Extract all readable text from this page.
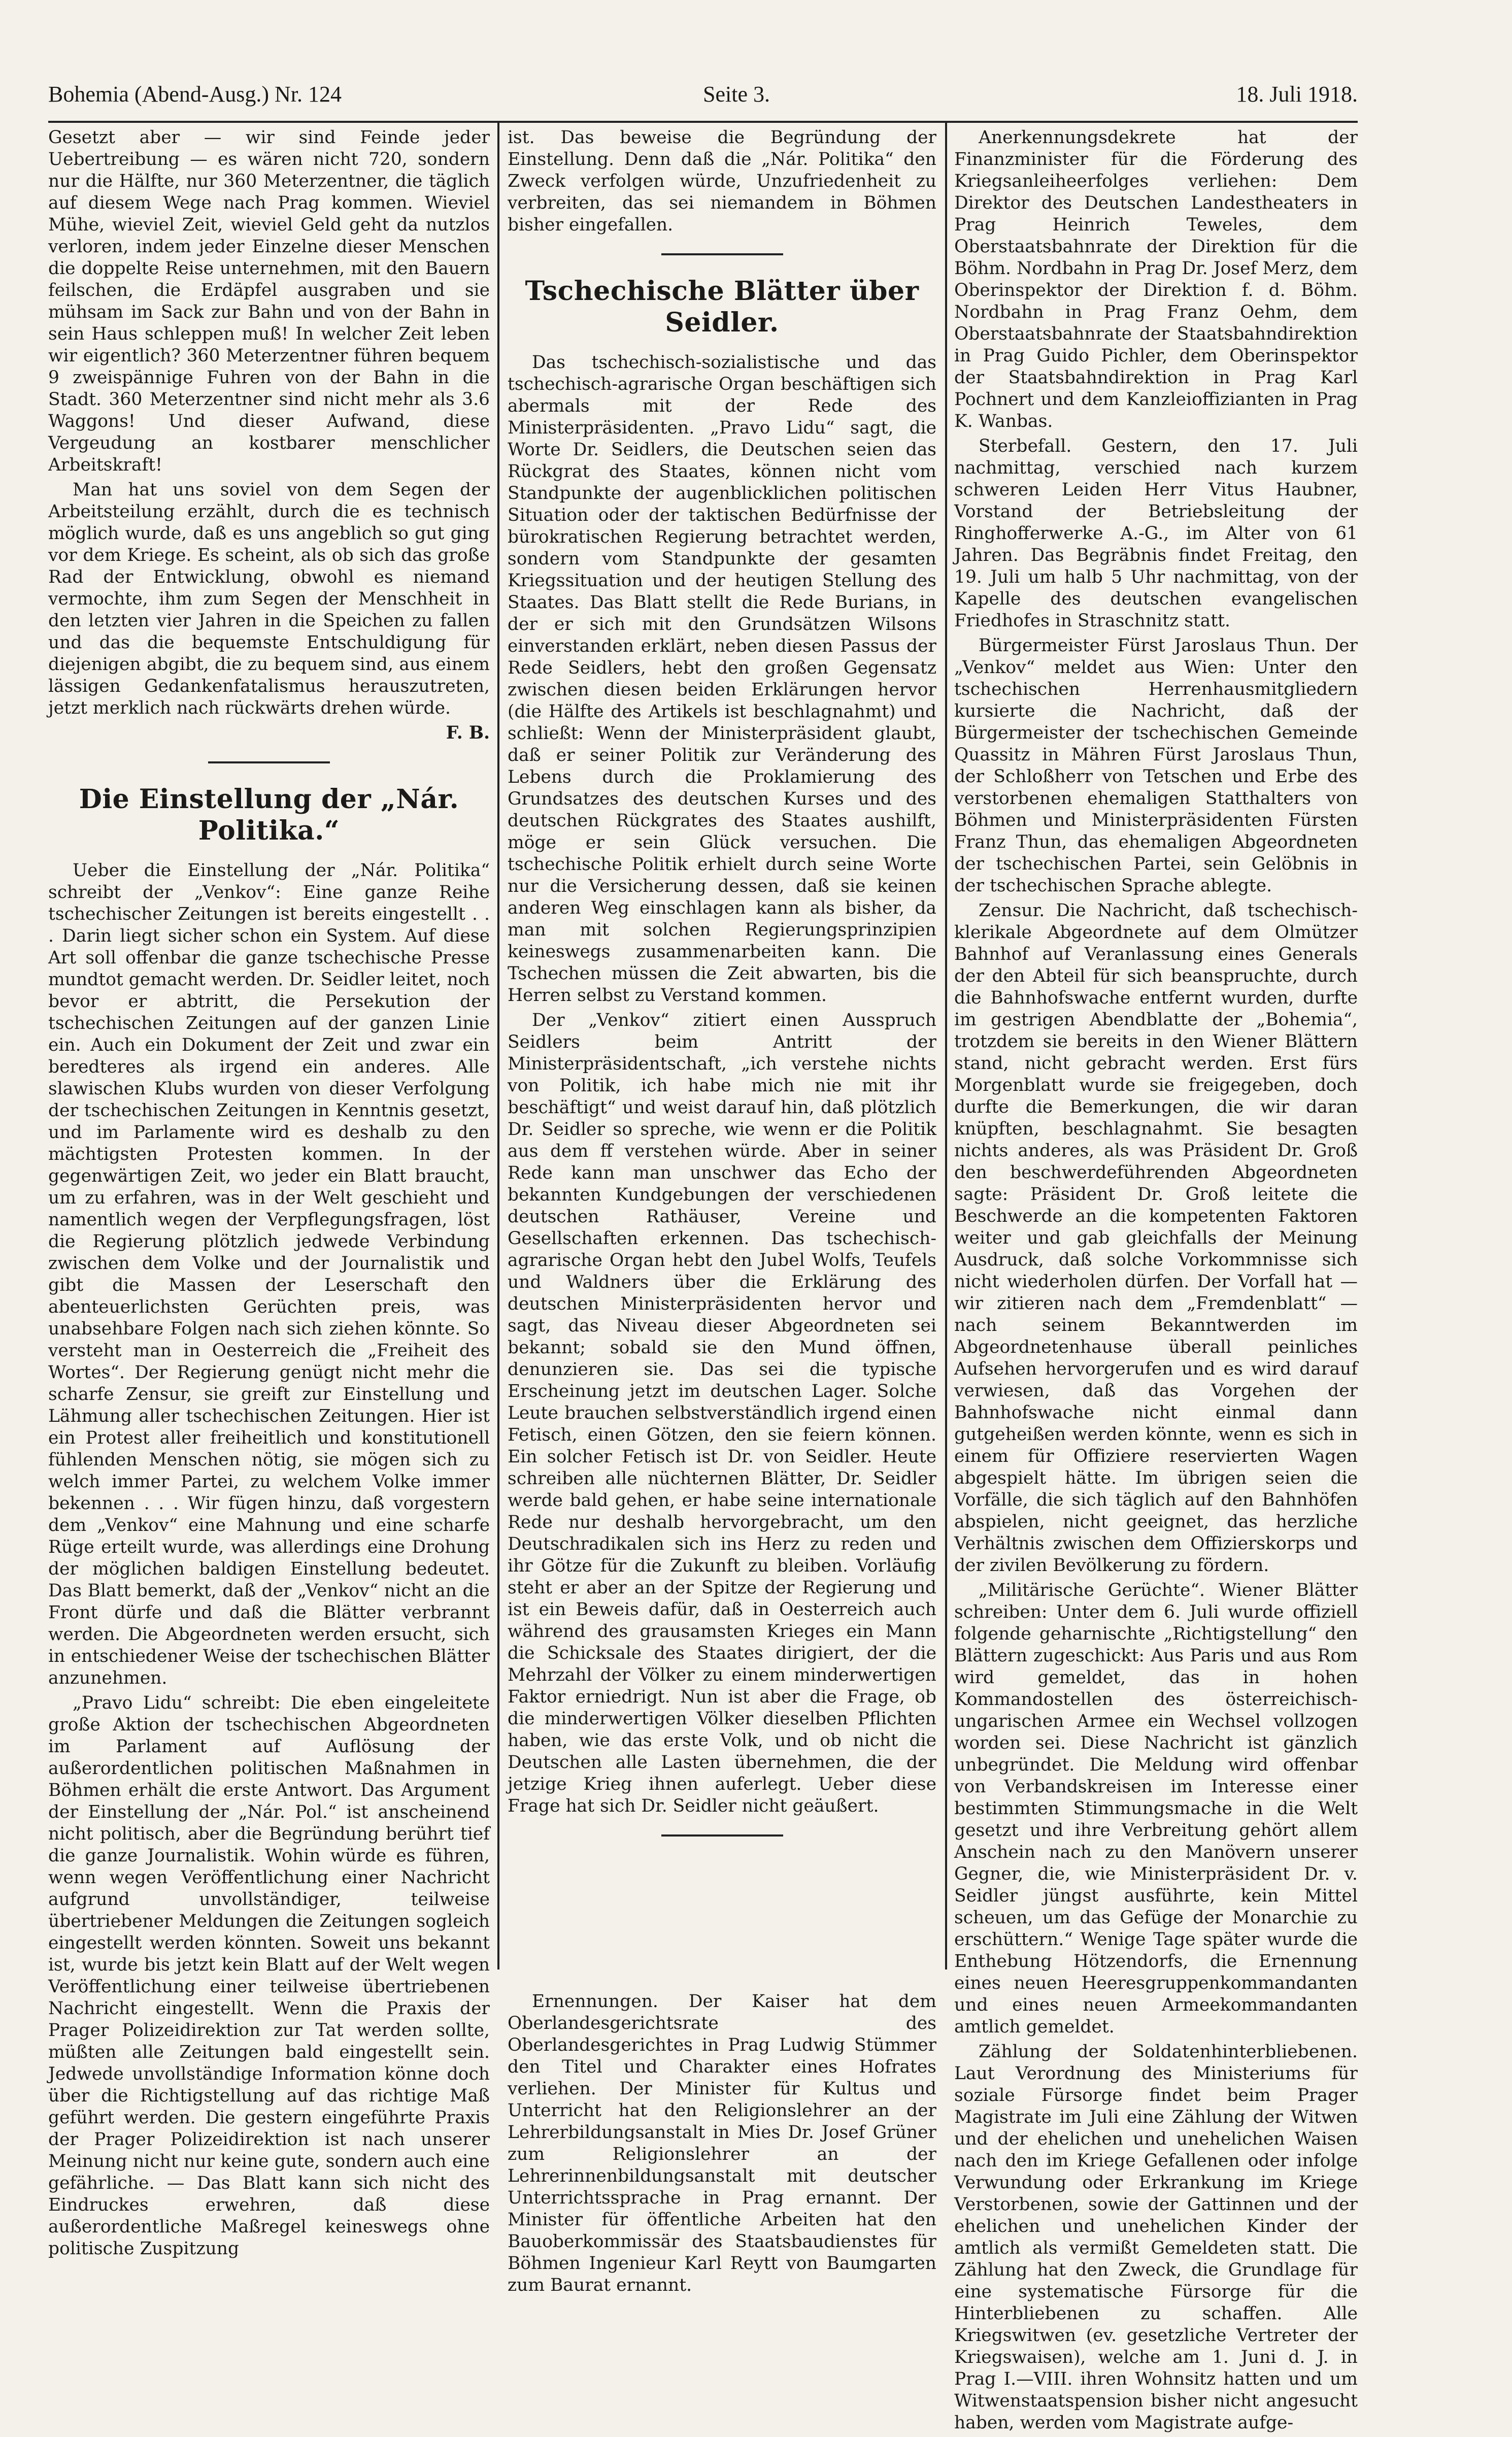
Bohemia (Abend-Ausg.) Nr. 124	Seite 3.	18. Juli 1918.

Gesetzt aber — wir sind Feinde jeder Uebertreibung — es wären nicht 720, sondern nur die Hälfte, nur 360 Meterzentner, die täglich auf diesem Wege nach Prag kommen. Wieviel Mühe, wieviel Zeit, wieviel Geld geht da nutzlos verloren, indem jeder Einzelne dieser Menschen die doppelte Reise unternehmen, mit den Bauern feilschen, die Erdäpfel ausgraben und sie mühsam im Sack zur Bahn und von der Bahn in sein Haus schleppen muß! In welcher Zeit leben wir eigentlich? 360 Meterzentner führen bequem 9 zweispännige Fuhren von der Bahn in die Stadt. 360 Meterzentner sind nicht mehr als 3.6 Waggons! Und dieser Aufwand, diese Vergeudung an kostbarer menschlicher Arbeitskraft!

Man hat uns soviel von dem Segen der Arbeitsteilung erzählt, durch die es technisch möglich wurde, daß es uns angeblich so gut ging vor dem Kriege. Es scheint, als ob sich das große Rad der Entwicklung, obwohl es niemand vermochte, ihm zum Segen der Menschheit in den letzten vier Jahren in die Speichen zu fallen und das die bequemste Entschuldigung für diejenigen abgibt, die zu bequem sind, aus einem lässigen Gedankenfatalismus herauszutreten, jetzt merklich nach rückwärts drehen würde.

F. B.
Die Einstellung der „Nár. Politika.“

Ueber die Einstellung der „Nár. Politika“ schreibt der „Venkov“: Eine ganze Reihe tschechischer Zeitungen ist bereits eingestellt . . . Darin liegt sicher schon ein System. Auf diese Art soll offenbar die ganze tschechische Presse mundtot gemacht werden. Dr. Seidler leitet, noch bevor er abtritt, die Persekution der tschechischen Zeitungen auf der ganzen Linie ein. Auch ein Dokument der Zeit und zwar ein beredteres als irgend ein anderes. Alle slawischen Klubs wurden von dieser Verfolgung der tschechischen Zeitungen in Kenntnis gesetzt, und im Parlamente wird es deshalb zu den mächtigsten Protesten kommen. In der gegenwärtigen Zeit, wo jeder ein Blatt braucht, um zu erfahren, was in der Welt geschieht und namentlich wegen der Verpflegungsfragen, löst die Regierung plötzlich jedwede Verbindung zwischen dem Volke und der Journalistik und gibt die Massen der Leserschaft den abenteuerlichsten Gerüchten preis, was unabsehbare Folgen nach sich ziehen könnte. So versteht man in Oesterreich die „Freiheit des Wortes“. Der Regierung genügt nicht mehr die scharfe Zensur, sie greift zur Einstellung und Lähmung aller tschechischen Zeitungen. Hier ist ein Protest aller freiheitlich und konstitutionell fühlenden Menschen nötig, sie mögen sich zu welch immer Partei, zu welchem Volke immer bekennen . . . Wir fügen hinzu, daß vorgestern dem „Venkov“ eine Mahnung und eine scharfe Rüge erteilt wurde, was allerdings eine Drohung der möglichen baldigen Einstellung bedeutet. Das Blatt bemerkt, daß der „Venkov“ nicht an die Front dürfe und daß die Blätter verbrannt werden. Die Abgeordneten werden ersucht, sich in entschiedener Weise der tschechischen Blätter anzunehmen.

„Pravo Lidu“ schreibt: Die eben eingeleitete große Aktion der tschechischen Abgeordneten im Parlament auf Auflösung der außerordentlichen politischen Maßnahmen in Böhmen erhält die erste Antwort. Das Argument der Einstellung der „Nár. Pol.“ ist anscheinend nicht politisch, aber die Begründung berührt tief die ganze Journalistik. Wohin würde es führen, wenn wegen Veröffentlichung einer Nachricht aufgrund unvollständiger, teilweise übertriebener Meldungen die Zeitungen sogleich eingestellt werden könnten. Soweit uns bekannt ist, wurde bis jetzt kein Blatt auf der Welt wegen Veröffentlichung einer teilweise übertriebenen Nachricht eingestellt. Wenn die Praxis der Prager Polizeidirektion zur Tat werden sollte, müßten alle Zeitungen bald eingestellt sein. Jedwede unvollständige Information könne doch über die Richtigstellung auf das richtige Maß geführt werden. Die gestern eingeführte Praxis der Prager Polizeidirektion ist nach unserer Meinung nicht nur keine gute, sondern auch eine gefährliche. — Das Blatt kann sich nicht des Eindruckes erwehren, daß diese außerordentliche Maßregel keineswegs ohne politische Zuspitzung

ist. Das beweise die Begründung der Einstellung. Denn daß die „Nár. Politika“ den Zweck verfolgen würde, Unzufriedenheit zu verbreiten, das sei niemandem in Böhmen bisher eingefallen.

Tschechische Blätter über Seidler.

Das tschechisch-sozialistische und das tschechisch-agrarische Organ beschäftigen sich abermals mit der Rede des Ministerpräsidenten. „Pravo Lidu“ sagt, die Worte Dr. Seidlers, die Deutschen seien das Rückgrat des Staates, können nicht vom Standpunkte der augenblicklichen politischen Situation oder der taktischen Bedürfnisse der bürokratischen Regierung betrachtet werden, sondern vom Standpunkte der gesamten Kriegssituation und der heutigen Stellung des Staates. Das Blatt stellt die Rede Burians, in der er sich mit den Grundsätzen Wilsons einverstanden erklärt, neben diesen Passus der Rede Seidlers, hebt den großen Gegensatz zwischen diesen beiden Erklärungen hervor (die Hälfte des Artikels ist beschlagnahmt) und schließt: Wenn der Ministerpräsident glaubt, daß er seiner Politik zur Veränderung des Lebens durch die Proklamierung des Grundsatzes des deutschen Kurses und des deutschen Rückgrates des Staates aushilft, möge er sein Glück versuchen. Die tschechische Politik erhielt durch seine Worte nur die Versicherung dessen, daß sie keinen anderen Weg einschlagen kann als bisher, da man mit solchen Regierungsprinzipien keineswegs zusammenarbeiten kann. Die Tschechen müssen die Zeit abwarten, bis die Herren selbst zu Verstand kommen.

Der „Venkov“ zitiert einen Ausspruch Seidlers beim Antritt der Ministerpräsidentschaft, „ich verstehe nichts von Politik, ich habe mich nie mit ihr beschäftigt“ und weist darauf hin, daß plötzlich Dr. Seidler so spreche, wie wenn er die Politik aus dem ff verstehen würde. Aber in seiner Rede kann man unschwer das Echo der bekannten Kundgebungen der verschiedenen deutschen Rathäuser, Vereine und Gesellschaften erkennen. Das tschechisch-agrarische Organ hebt den Jubel Wolfs, Teufels und Waldners über die Erklärung des deutschen Ministerpräsidenten hervor und sagt, das Niveau dieser Abgeordneten sei bekannt; sobald sie den Mund öffnen, denunzieren sie. Das sei die typische Erscheinung jetzt im deutschen Lager. Solche Leute brauchen selbstverständlich irgend einen Fetisch, einen Götzen, den sie feiern können. Ein solcher Fetisch ist Dr. von Seidler. Heute schreiben alle nüchternen Blätter, Dr. Seidler werde bald gehen, er habe seine internationale Rede nur deshalb hervorgebracht, um den Deutschradikalen sich ins Herz zu reden und ihr Götze für die Zukunft zu bleiben. Vorläufig steht er aber an der Spitze der Regierung und ist ein Beweis dafür, daß in Oesterreich auch während des grausamsten Krieges ein Mann die Schicksale des Staates dirigiert, der die Mehrzahl der Völker zu einem minderwertigen Faktor erniedrigt. Nun ist aber die Frage, ob die minderwertigen Völker dieselben Pflichten haben, wie das erste Volk, und ob nicht die Deutschen alle Lasten übernehmen, die der jetzige Krieg ihnen auferlegt. Ueber diese Frage hat sich Dr. Seidler nicht geäußert.

Ernennungen. Der Kaiser hat dem Oberlandesgerichtsrate des Oberlandesgerichtes in Prag Ludwig Stümmer den Titel und Charakter eines Hofrates verliehen. Der Minister für Kultus und Unterricht hat den Religionslehrer an der Lehrerbildungsanstalt in Mies Dr. Josef Grüner zum Religionslehrer an der Lehrerinnenbildungsanstalt mit deutscher Unterrichtssprache in Prag ernannt. Der Minister für öffentliche Arbeiten hat den Bauoberkommissär des Staatsbaudienstes für Böhmen Ingenieur Karl Reytt von Baumgarten zum Baurat ernannt.

Anerkennungsdekrete hat der Finanzminister für die Förderung des Kriegsanleiheerfolges verliehen: Dem Direktor des Deutschen Landestheaters in Prag Heinrich Teweles, dem Oberstaatsbahnrate der Direktion für die Böhm. Nordbahn in Prag Dr. Josef Merz, dem Oberinspektor der Direktion f. d. Böhm. Nordbahn in Prag Franz Oehm, dem Oberstaatsbahnrate der Staatsbahndirektion in Prag Guido Pichler, dem Oberinspektor der Staatsbahndirektion in Prag Karl Pochnert und dem Kanzleioffizianten in Prag K. Wanbas.

Sterbefall. Gestern, den 17. Juli nachmittag, verschied nach kurzem schweren Leiden Herr Vitus Haubner, Vorstand der Betriebsleitung der Ringhofferwerke A.-G., im Alter von 61 Jahren. Das Begräbnis findet Freitag, den 19. Juli um halb 5 Uhr nachmittag, von der Kapelle des deutschen evangelischen Friedhofes in Straschnitz statt.

Bürgermeister Fürst Jaroslaus Thun. Der „Venkov“ meldet aus Wien: Unter den tschechischen Herrenhausmitgliedern kursierte die Nachricht, daß der Bürgermeister der tschechischen Gemeinde Quassitz in Mähren Fürst Jaroslaus Thun, der Schloßherr von Tetschen und Erbe des verstorbenen ehemaligen Statthalters von Böhmen und Ministerpräsidenten Fürsten Franz Thun, das ehemaligen Abgeordneten der tschechischen Partei, sein Gelöbnis in der tschechischen Sprache ablegte.

Zensur. Die Nachricht, daß tschechisch-klerikale Abgeordnete auf dem Olmützer Bahnhof auf Veranlassung eines Generals der den Abteil für sich beanspruchte, durch die Bahnhofswache entfernt wurden, durfte im gestrigen Abendblatte der „Bohemia“, trotzdem sie bereits in den Wiener Blättern stand, nicht gebracht werden. Erst fürs Morgenblatt wurde sie freigegeben, doch durfte die Bemerkungen, die wir daran knüpften, beschlagnahmt. Sie besagten nichts anderes, als was Präsident Dr. Groß den beschwerdeführenden Abgeordneten sagte: Präsident Dr. Groß leitete die Beschwerde an die kompetenten Faktoren weiter und gab gleichfalls der Meinung Ausdruck, daß solche Vorkommnisse sich nicht wiederholen dürfen. Der Vorfall hat — wir zitieren nach dem „Fremdenblatt“ — nach seinem Bekanntwerden im Abgeordnetenhause überall peinliches Aufsehen hervorgerufen und es wird darauf verwiesen, daß das Vorgehen der Bahnhofswache nicht einmal dann gutgeheißen werden könnte, wenn es sich in einem für Offiziere reservierten Wagen abgespielt hätte. Im übrigen seien die Vorfälle, die sich täglich auf den Bahnhöfen abspielen, nicht geeignet, das herzliche Verhältnis zwischen dem Offizierskorps und der zivilen Bevölkerung zu fördern.

„Militärische Gerüchte“. Wiener Blätter schreiben: Unter dem 6. Juli wurde offiziell folgende geharnischte „Richtigstellung“ den Blättern zugeschickt: Aus Paris und aus Rom wird gemeldet, das in hohen Kommandostellen des österreichisch-ungarischen Armee ein Wechsel vollzogen worden sei. Diese Nachricht ist gänzlich unbegründet. Die Meldung wird offenbar von Verbandskreisen im Interesse einer bestimmten Stimmungsmache in die Welt gesetzt und ihre Verbreitung gehört allem Anschein nach zu den Manövern unserer Gegner, die, wie Ministerpräsident Dr. v. Seidler jüngst ausführte, kein Mittel scheuen, um das Gefüge der Monarchie zu erschüttern.“ Wenige Tage später wurde die Enthebung Hötzendorfs, die Ernennung eines neuen Heeresgruppenkommandanten und eines neuen Armeekommandanten amtlich gemeldet.

Zählung der Soldatenhinterbliebenen. Laut Verordnung des Ministeriums für soziale Fürsorge findet beim Prager Magistrate im Juli eine Zählung der Witwen und der ehelichen und unehelichen Waisen nach den im Kriege Gefallenen oder infolge Verwundung oder Erkrankung im Kriege Verstorbenen, sowie der Gattinnen und der ehelichen und unehelichen Kinder der amtlich als vermißt Gemeldeten statt. Die Zählung hat den Zweck, die Grundlage für eine systematische Fürsorge für die Hinterbliebenen zu schaffen. Alle Kriegswitwen (ev. gesetzliche Vertreter der Kriegswaisen), welche am 1. Juni d. J. in Prag I.—VIII. ihren Wohnsitz hatten und um Witwenstaatspension bisher nicht angesucht haben, werden vom Magistrate aufge-
